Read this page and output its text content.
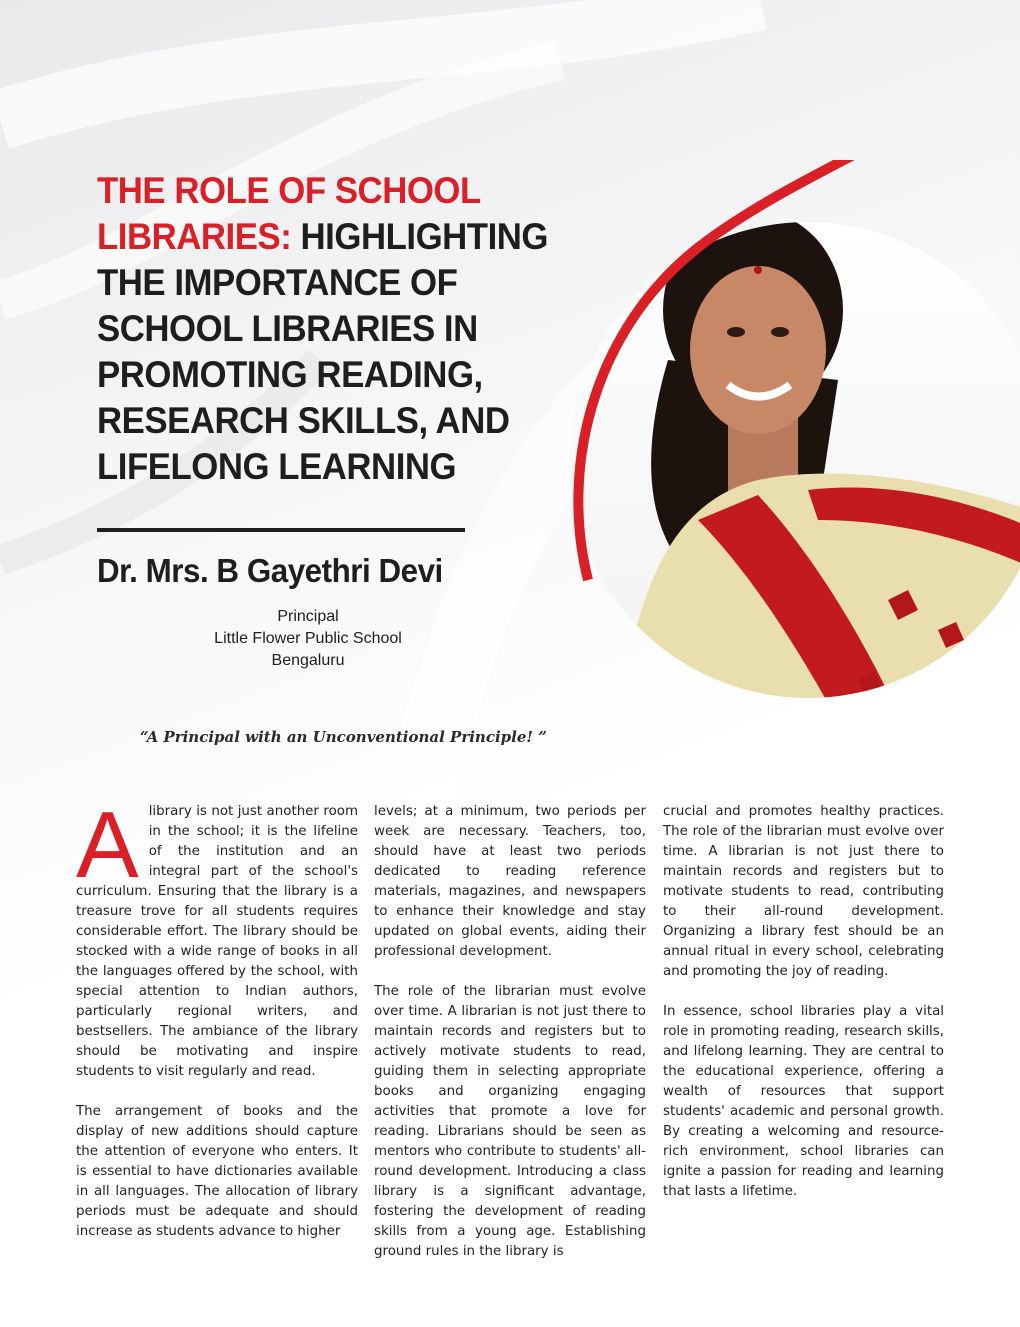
THE ROLE OF SCHOOL LIBRARIES: HIGHLIGHTING THE IMPORTANCE OF SCHOOL LIBRARIES IN PROMOTING READING, RESEARCH SKILLS, AND LIFELONG LEARNING
Dr. Mrs. B Gayethri Devi
Principal
Little Flower Public School
Bengaluru
“A Principal with an Unconventional Principle! ”

Alibrary is not just another room in the school; it is the lifeline of the institution and an integral part of the school's curriculum. Ensuring that the library is a treasure trove for all students requires considerable effort. The library should be stocked with a wide range of books in all the languages offered by the school, with special attention to Indian authors, particularly regional writers, and bestsellers. The ambiance of the library should be motivating and inspire students to visit regularly and read.

The arrangement of books and the display of new additions should capture the attention of everyone who enters. It is essential to have dictionaries available in all languages. The allocation of library periods must be adequate and should increase as students advance to higher

levels; at a minimum, two periods per week are necessary. Teachers, too, should have at least two periods dedicated to reading reference materials, magazines, and newspapers to enhance their knowledge and stay updated on global events, aiding their professional development.

The role of the librarian must evolve over time. A librarian is not just there to maintain records and registers but to actively motivate students to read, guiding them in selecting appropriate books and organizing engaging activities that promote a love for reading. Librarians should be seen as mentors who contribute to students' all-round development. Introducing a class library is a significant advantage, fostering the development of reading skills from a young age. Establishing ground rules in the library is

crucial and promotes healthy practices. The role of the librarian must evolve over time. A librarian is not just there to maintain records and registers but to motivate students to read, contributing to their all-round development. Organizing a library fest should be an annual ritual in every school, celebrating and promoting the joy of reading.

In essence, school libraries play a vital role in promoting reading, research skills, and lifelong learning. They are central to the educational experience, offering a wealth of resources that support students' academic and personal growth. By creating a welcoming and resource-rich environment, school libraries can ignite a passion for reading and learning that lasts a lifetime.
